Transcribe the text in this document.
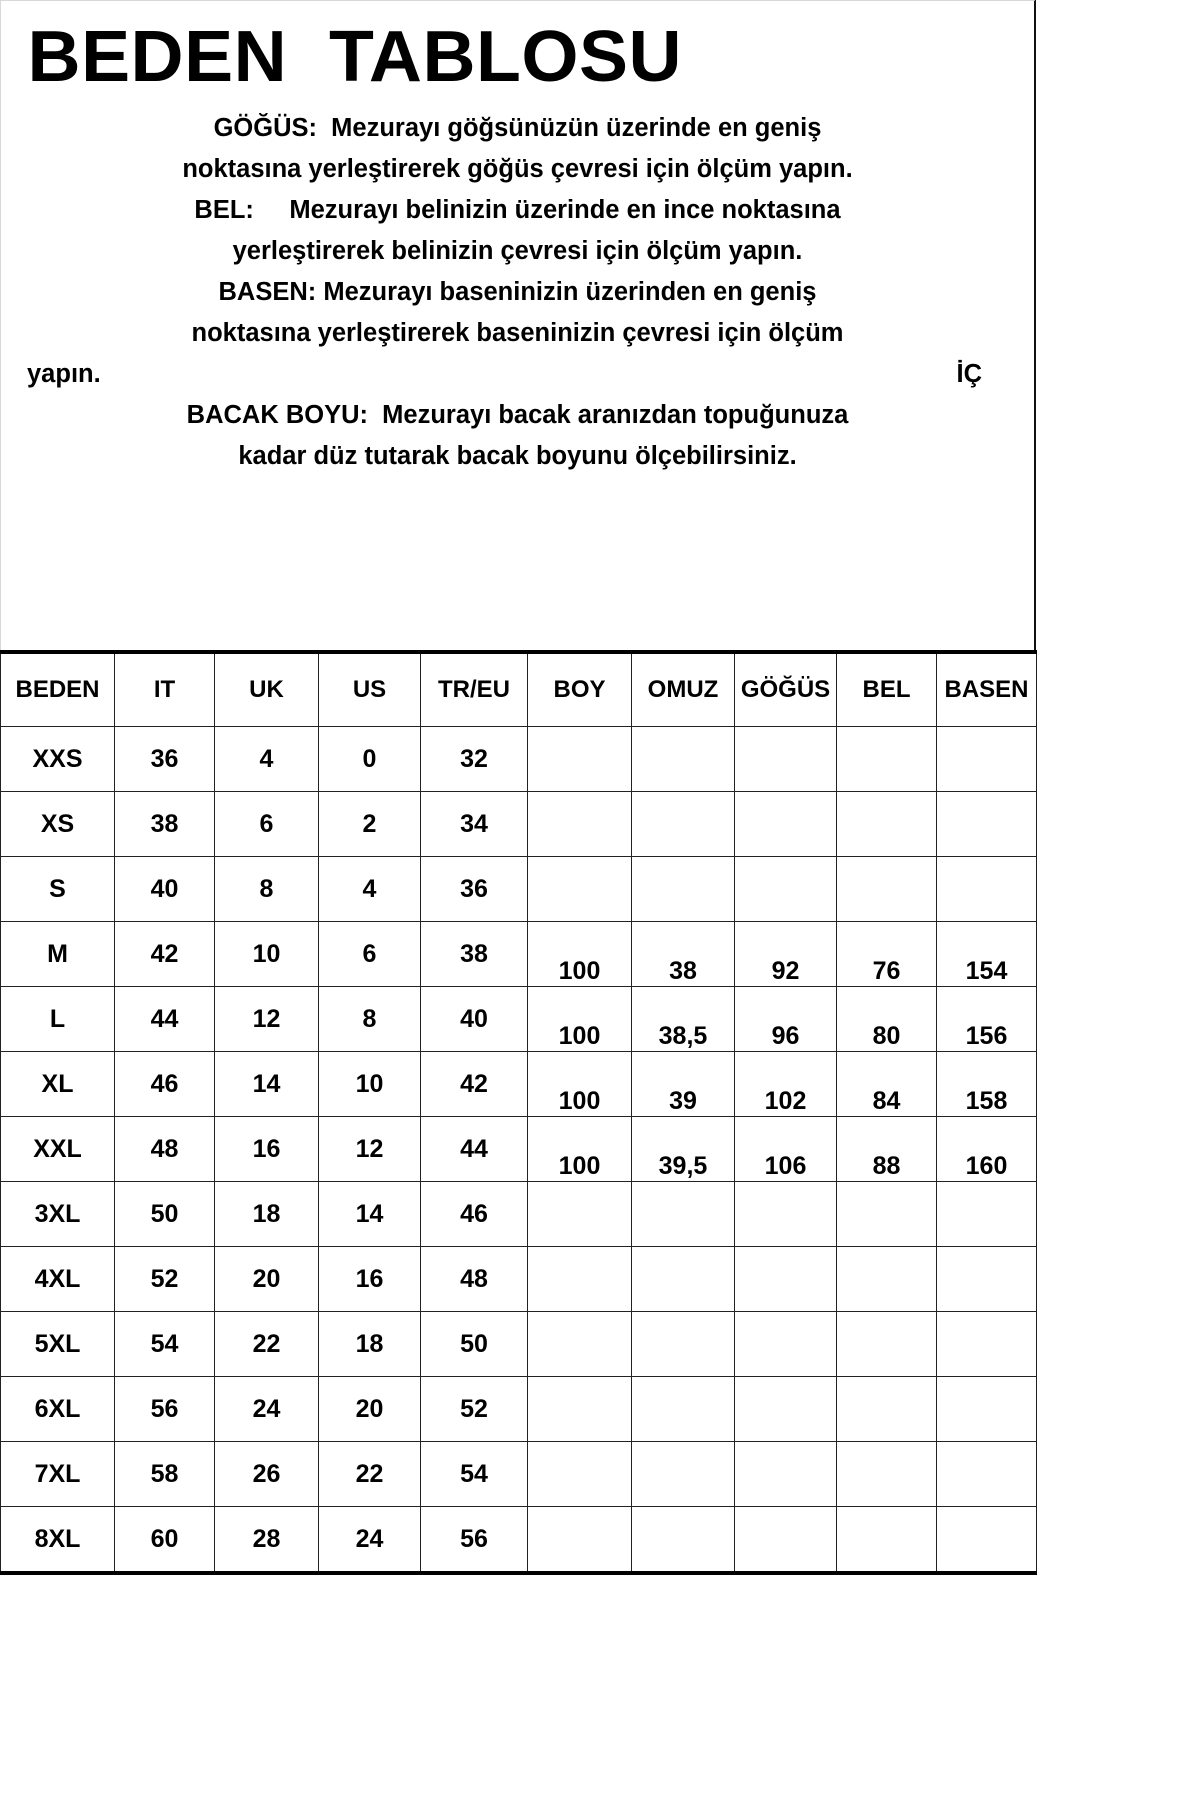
BEDEN  TABLOSU
GÖĞÜS:  Mezurayı göğsünüzün üzerinde en geniş
noktasına yerleştirerek göğüs çevresi için ölçüm yapın.
BEL:     Mezurayı belinizin üzerinde en ince noktasına
yerleştirerek belinizin çevresi için ölçüm yapın.
BASEN: Mezurayı baseninizin üzerinden en geniş
noktasına yerleştirerek baseninizin çevresi için ölçüm
yapın.	İÇ
BACAK BOYU:  Mezurayı bacak aranızdan topuğunuza
kadar düz tutarak bacak boyunu ölçebilirsiniz.
BEDEN	IT	UK	US	TR/EU	BOY	OMUZ	GÖĞÜS	BEL	BASEN
XXS	36	4	0	32					
XS	38	6	2	34					
S	40	8	4	36					
M	42	10	6	38	100	38	92	76	154
L	44	12	8	40	100	38,5	96	80	156
XL	46	14	10	42	100	39	102	84	158
XXL	48	16	12	44	100	39,5	106	88	160
3XL	50	18	14	46					
4XL	52	20	16	48					
5XL	54	22	18	50					
6XL	56	24	20	52					
7XL	58	26	22	54					
8XL	60	28	24	56					
